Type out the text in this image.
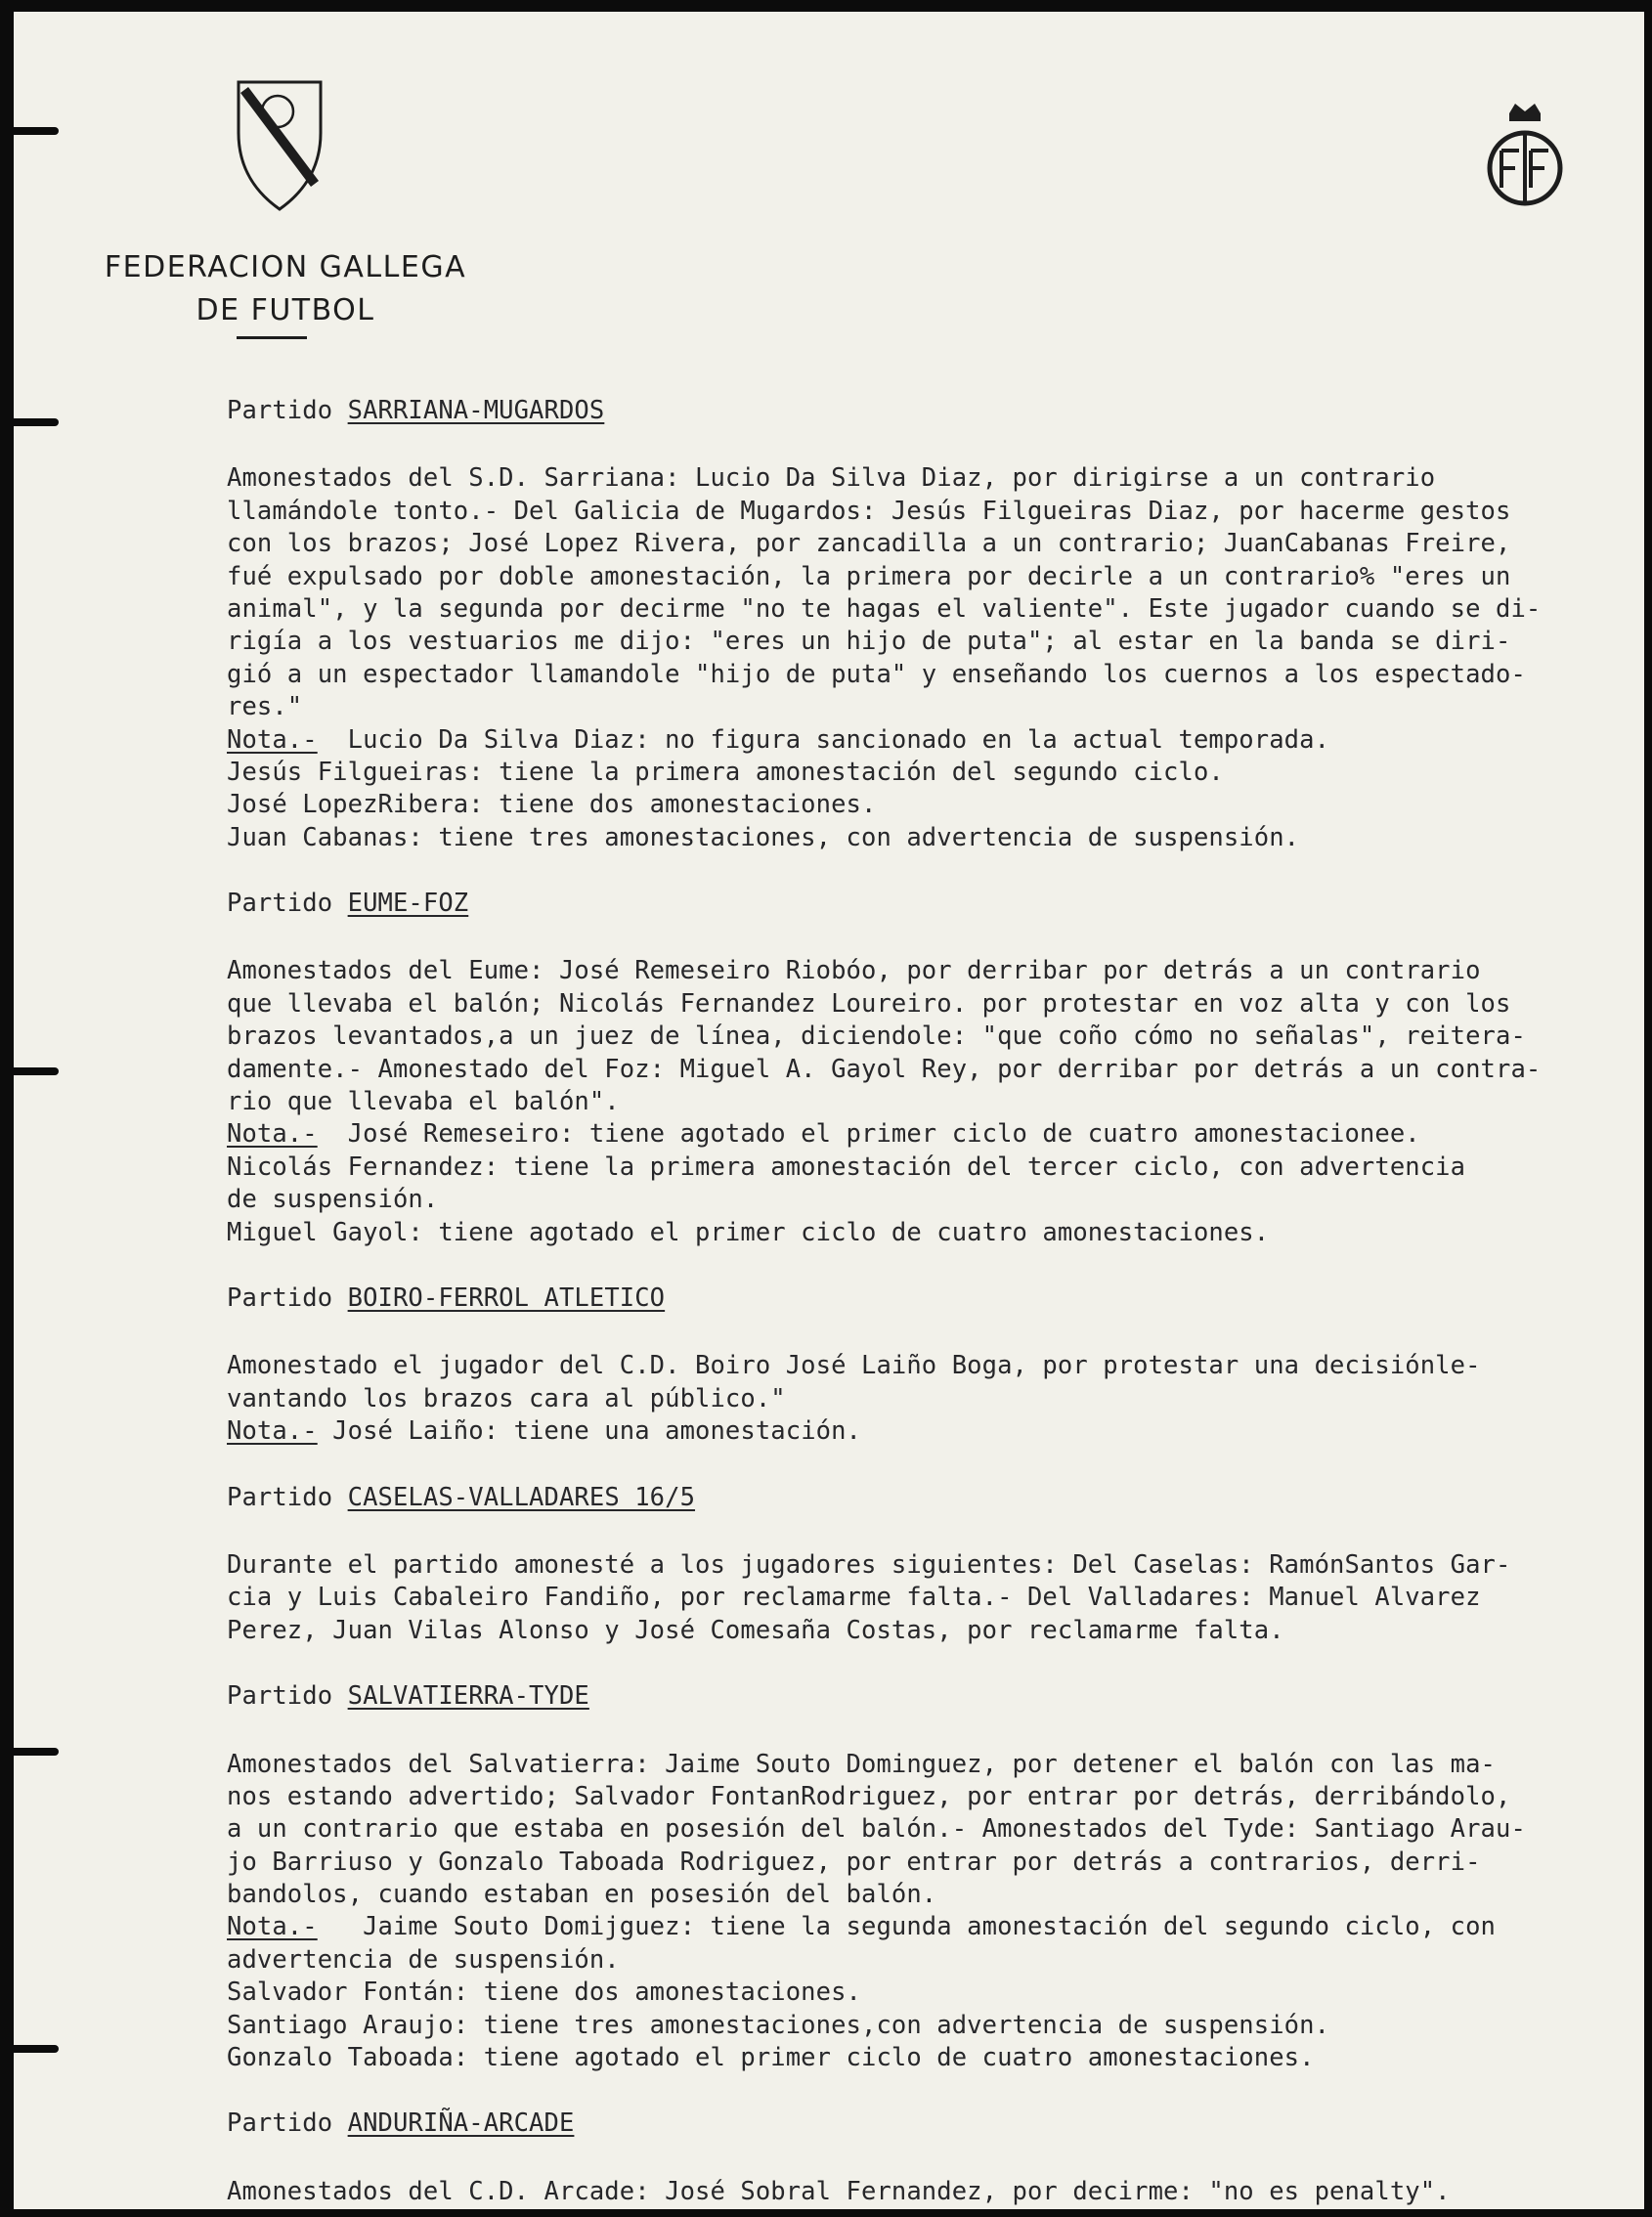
FEDERACION GALLEGA
DE FUTBOL
Partido SARRIANA-MUGARDOS
Amonestados del S.D. Sarriana: Lucio Da Silva Diaz, por dirigirse a un contrario
llamándole tonto.- Del Galicia de Mugardos: Jesús Filgueiras Diaz, por hacerme gestos
con los brazos; José Lopez Rivera, por zancadilla a un contrario; JuanCabanas Freire,
fué expulsado por doble amonestación, la primera por decirle a un contrario% "eres un
animal", y la segunda por decirme "no te hagas el valiente". Este jugador cuando se di-
rigía a los vestuarios me dijo: "eres un hijo de puta"; al estar en la banda se diri-
gió a un espectador llamandole "hijo de puta" y enseñando los cuernos a los espectado-
res."
Nota.-  Lucio Da Silva Diaz: no figura sancionado en la actual temporada.
Jesús Filgueiras: tiene la primera amonestación del segundo ciclo.
José LopezRibera: tiene dos amonestaciones.
Juan Cabanas: tiene tres amonestaciones, con advertencia de suspensión.
Partido EUME-FOZ
Amonestados del Eume: José Remeseiro Riobóo, por derribar por detrás a un contrario
que llevaba el balón; Nicolás Fernandez Loureiro. por protestar en voz alta y con los
brazos levantados,a un juez de línea, diciendole: "que coño cómo no señalas", reitera-
damente.- Amonestado del Foz: Miguel A. Gayol Rey, por derribar por detrás a un contra-
rio que llevaba el balón".
Nota.-  José Remeseiro: tiene agotado el primer ciclo de cuatro amonestacionee.
Nicolás Fernandez: tiene la primera amonestación del tercer ciclo, con advertencia
de suspensión.
Miguel Gayol: tiene agotado el primer ciclo de cuatro amonestaciones.
Partido BOIRO-FERROL ATLETICO
Amonestado el jugador del C.D. Boiro José Laiño Boga, por protestar una decisiónle-
vantando los brazos cara al público."
Nota.- José Laiño: tiene una amonestación.
Partido CASELAS-VALLADARES 16/5
Durante el partido amonesté a los jugadores siguientes: Del Caselas: RamónSantos Gar-
cia y Luis Cabaleiro Fandiño, por reclamarme falta.- Del Valladares: Manuel Alvarez
Perez, Juan Vilas Alonso y José Comesaña Costas, por reclamarme falta.
Partido SALVATIERRA-TYDE
Amonestados del Salvatierra: Jaime Souto Dominguez, por detener el balón con las ma-
nos estando advertido; Salvador FontanRodriguez, por entrar por detrás, derribándolo,
a un contrario que estaba en posesión del balón.- Amonestados del Tyde: Santiago Arau-
jo Barriuso y Gonzalo Taboada Rodriguez, por entrar por detrás a contrarios, derri-
bandolos, cuando estaban en posesión del balón.
Nota.-   Jaime Souto Domijguez: tiene la segunda amonestación del segundo ciclo, con
advertencia de suspensión.
Salvador Fontán: tiene dos amonestaciones.
Santiago Araujo: tiene tres amonestaciones,con advertencia de suspensión.
Gonzalo Taboada: tiene agotado el primer ciclo de cuatro amonestaciones.
Partido ANDURIÑA-ARCADE
Amonestados del C.D. Arcade: José Sobral Fernandez, por decirme: "no es penalty".
